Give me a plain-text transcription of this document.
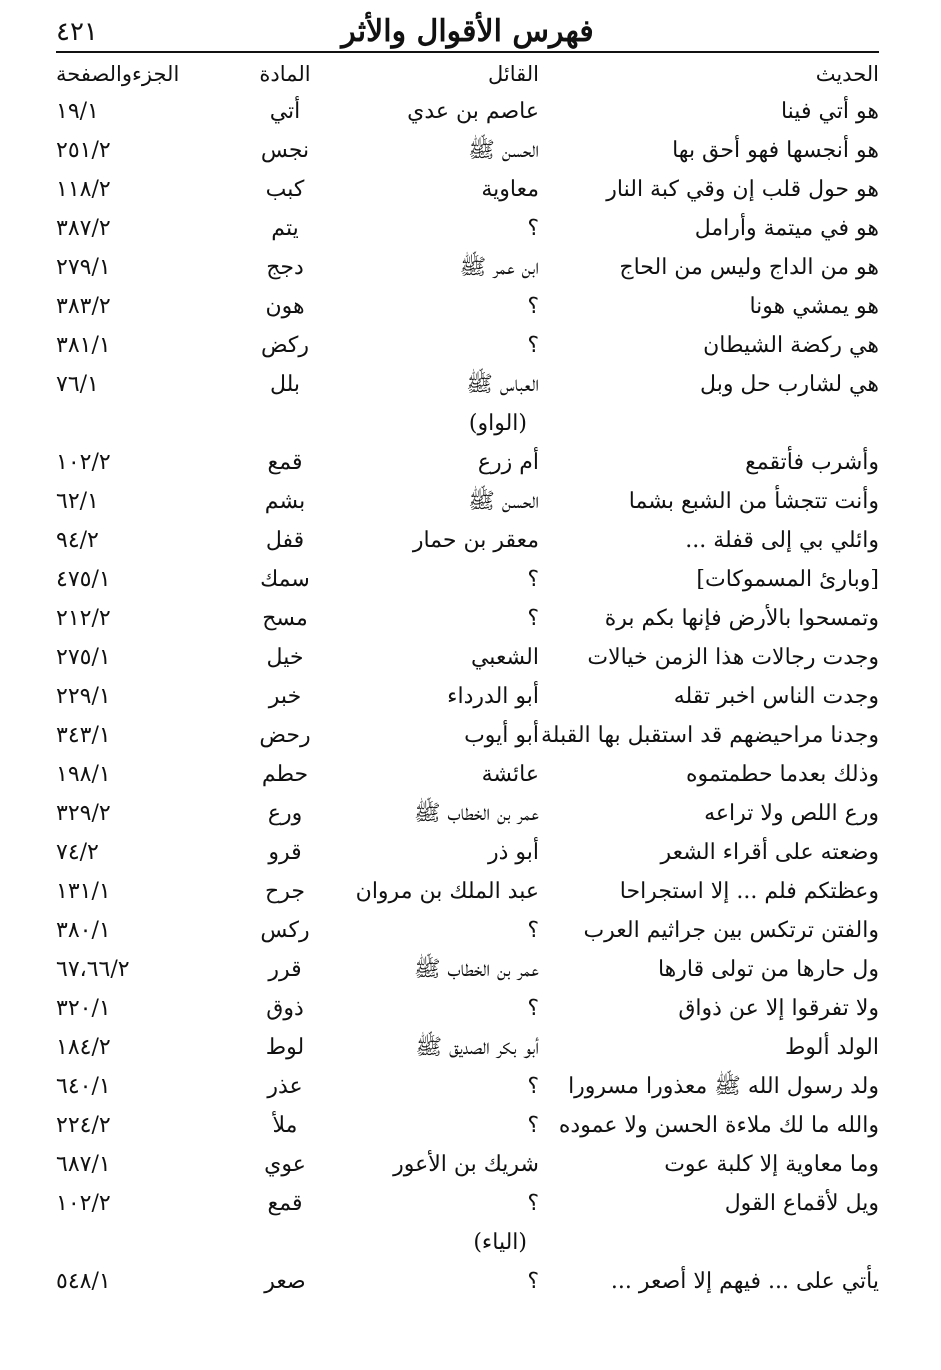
فهرس الأقوال والأثر
٤٢١
الحديث	القائل	المادة	الجزءوالصفحة
هو أتي فينا	عاصم بن عدي	أتي	١٩/١
هو أنجسها فهو أحق بها	الحسن ﷺ	نجس	٢٥١/٢
هو حول قلب إن وقي كبة النار	معاوية	كبب	١١٨/٢
هو في ميتمة وأرامل	؟	يتم	٣٨٧/٢
هو من الداج وليس من الحاج	ابن عمر ﷺ	دجج	٢٧٩/١
هو يمشي هونا	؟	هون	٣٨٣/٢
هي ركضة الشيطان	؟	ركض	٣٨١/١
هي لشارب حل وبل	العباس ﷺ	بلل	٧٦/١
(الواو)			
وأشرب فأتقمع	أم زرع	قمع	١٠٢/٢
وأنت تتجشأ من الشبع بشما	الحسن ﷺ	بشم	٦٢/١
وائلي بي إلى قفلة ...	معقر بن حمار	قفل	٩٤/٢
[وبارئ المسموكات]	؟	سمك	٤٧٥/١
وتمسحوا بالأرض فإنها بكم برة	؟	مسح	٢١٢/٢
وجدت رجالات هذا الزمن خيالات	الشعبي	خيل	٢٧٥/١
وجدت الناس اخبر تقله	أبو الدرداء	خبر	٢٢٩/١
وجدنا مراحيضهم قد استقبل بها القبلة	أبو أيوب	رحض	٣٤٣/١
وذلك بعدما حطمتموه	عائشة	حطم	١٩٨/١
ورع اللص ولا تراعه	عمر بن الخطاب ﷺ	ورع	٣٢٩/٢
وضعته على أقراء الشعر	أبو ذر	قرو	٧٤/٢
وعظتكم فلم ... إلا استجراحا	عبد الملك بن مروان	جرح	١٣١/١
والفتن ترتكس بين جراثيم العرب	؟	ركس	٣٨٠/١
ول حارها من تولى قارها	عمر بن الخطاب ﷺ	قرر	٦٧،٦٦/٢
ولا تفرقوا إلا عن ذواق	؟	ذوق	٣٢٠/١
الولد ألوط	أبو بكر الصديق ﷺ	لوط	١٨٤/٢
ولد رسول الله ﷺ معذورا مسرورا	؟	عذر	٦٤٠/١
والله ما لك ملاءة الحسن ولا عموده	؟	ملأ	٢٢٤/٢
وما معاوية إلا كلبة عوت	شريك بن الأعور	عوي	٦٨٧/١
ويل لأقماع القول	؟	قمع	١٠٢/٢
(الياء)			
يأتي على ... فيهم إلا أصعر ...	؟	صعر	٥٤٨/١
